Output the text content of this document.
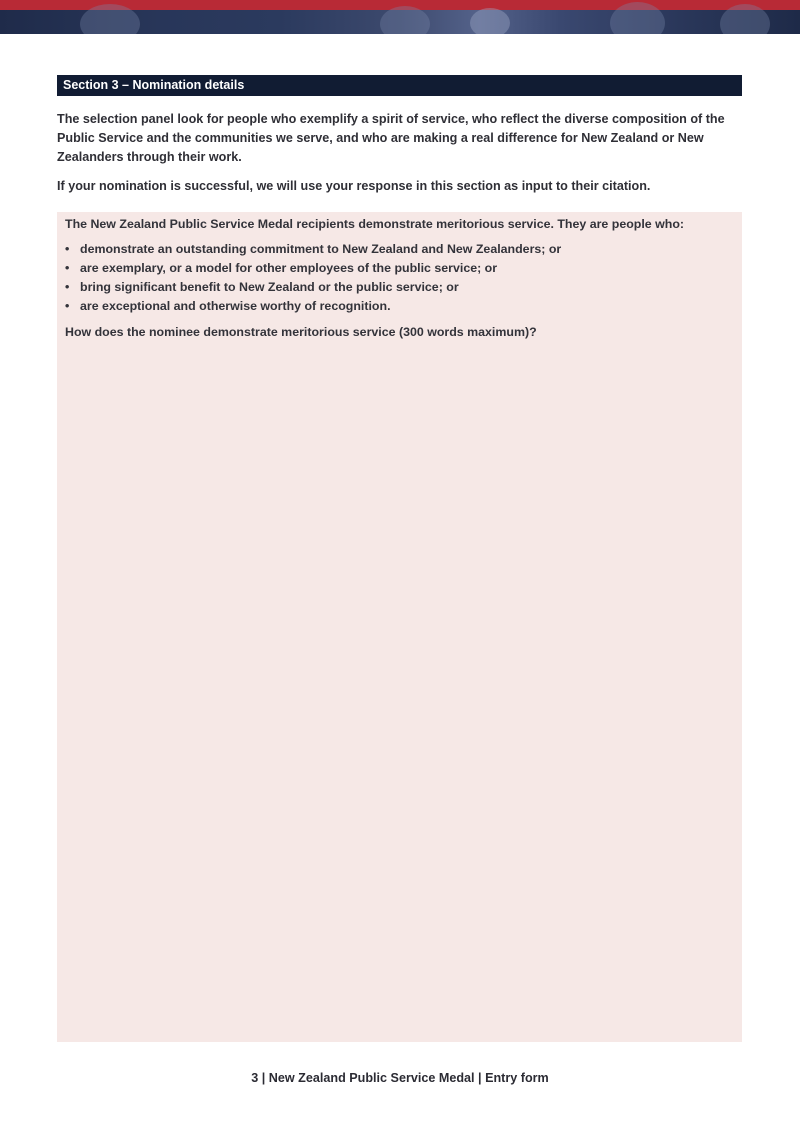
Section 3 – Nomination details

The selection panel look for people who exemplify a spirit of service, who reflect the diverse composition of the Public Service and the communities we serve, and who are making a real difference for New Zealand or New Zealanders through their work.

If your nomination is successful, we will use your response in this section as input to their citation.

The New Zealand Public Service Medal recipients demonstrate meritorious service. They are people who:

• demonstrate an outstanding commitment to New Zealand and New Zealanders; or
• are exemplary, or a model for other employees of the public service; or
• bring significant benefit to New Zealand or the public service; or
• are exceptional and otherwise worthy of recognition.

How does the nominee demonstrate meritorious service (300 words maximum)?

3 | New Zealand Public Service Medal | Entry form
